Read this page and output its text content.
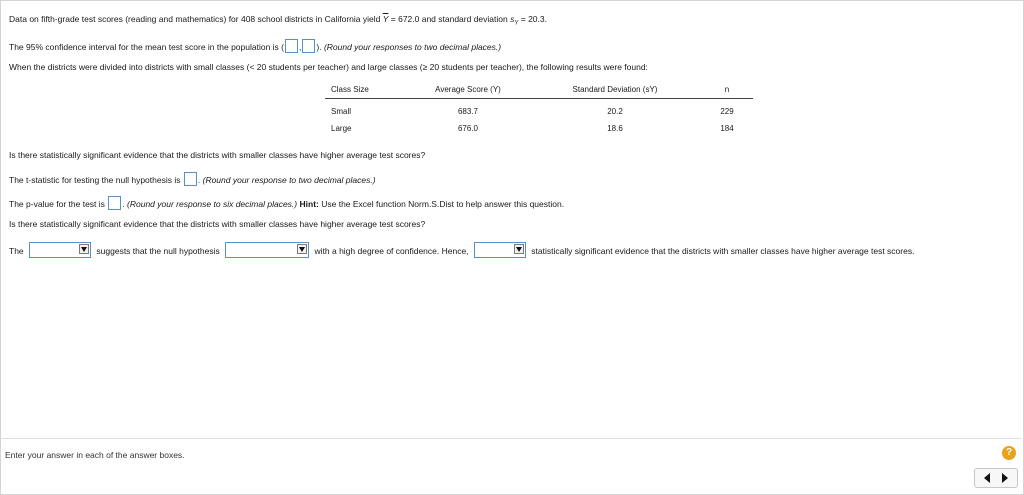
Data on fifth-grade test scores (reading and mathematics) for 408 school districts in California yield $\overline{Y} = 672.0$ and standard deviation $s_Y = 20.3$.
The 95% confidence interval for the mean test score in the population is ( , ). (Round your responses to two decimal places.)
When the districts were divided into districts with small classes (< 20 students per teacher) and large classes (≥ 20 students per teacher), the following results were found:
Class Size	Average Score (Y)	Standard Deviation (sY)	n
Small	683.7	20.2	229
Large	676.0	18.6	184
Is there statistically significant evidence that the districts with smaller classes have higher average test scores?
The t-statistic for testing the null hypothesis is . (Round your response to two decimal places.)
The p-value for the test is . (Round your response to six decimal places.) Hint: Use the Excel function Norm.S.Dist to help answer this question.
Is there statistically significant evidence that the districts with smaller classes have higher average test scores?
The	suggests that the null hypothesis	with a high degree of confidence. Hence,	statistically significant evidence that the districts with smaller classes have higher average test scores.
Enter your answer in each of the answer boxes.	?
